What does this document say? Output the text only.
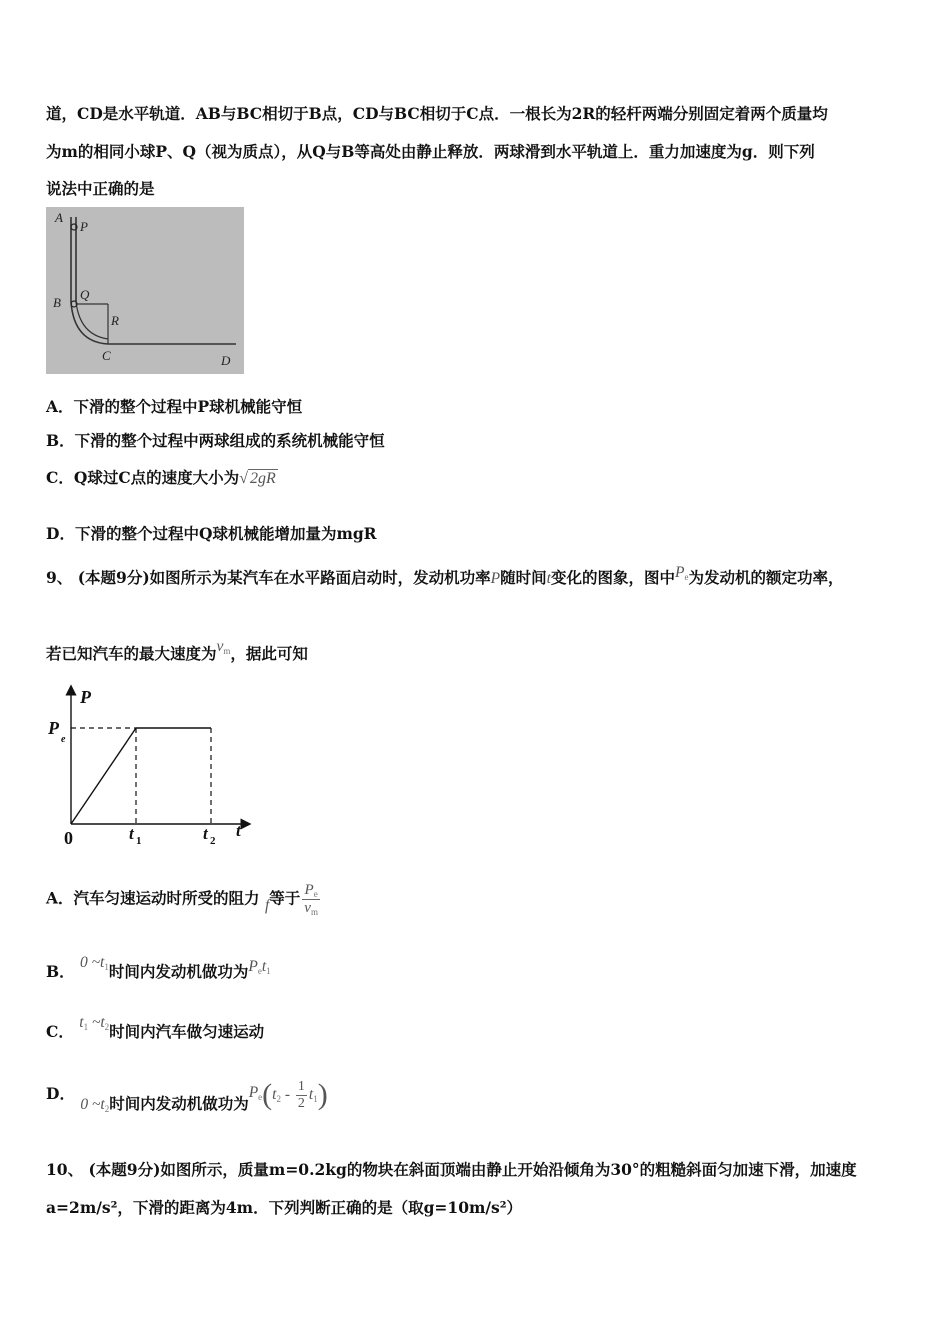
道，CD是水平轨道．AB与BC相切于B点，CD与BC相切于C点．一根长为2R的轻杆两端分别固定着两个质量均
为m的相同小球P、Q（视为质点），从Q与B等高处由静止释放．两球滑到水平轨道上．重力加速度为g．则下列
说法中正确的是
A
P
B
Q
R
C	D
A．下滑的整个过程中P球机械能守恒
B．下滑的整个过程中两球组成的系统机械能守恒
C．Q球过C点的速度大小为√ 2gR
D．下滑的整个过程中Q球机械能增加量为mgR
9、 (本题9分)如图所示为某汽车在水平路面启动时，发动机功率P随时间t变化的图象，图中$P_e$为发动机的额定功率，
若已知汽车的最大速度为$v_m$，据此可知
P
P
e
0	t 1	t 2
t
A．汽车匀速运动时所受的阻力 f等于 $\frac{P_e}{v_m}$
B． 0 $\sim t_1$时间内发动机做功为$P_et_1$
C． $t_1$ $\sim t_2$时间内汽车做匀速运动
D． 0 $\sim t_2$时间内发动机做功为$P_e(t_2 - \frac{1}{2} t_1)$
10、 (本题9分)如图所示，质量m=0.2kg的物块在斜面顶端由静止开始沿倾角为30°的粗糙斜面匀加速下滑，加速度
a=2m/s²，下滑的距离为4m．下列判断正确的是（取g=10m/s²）
